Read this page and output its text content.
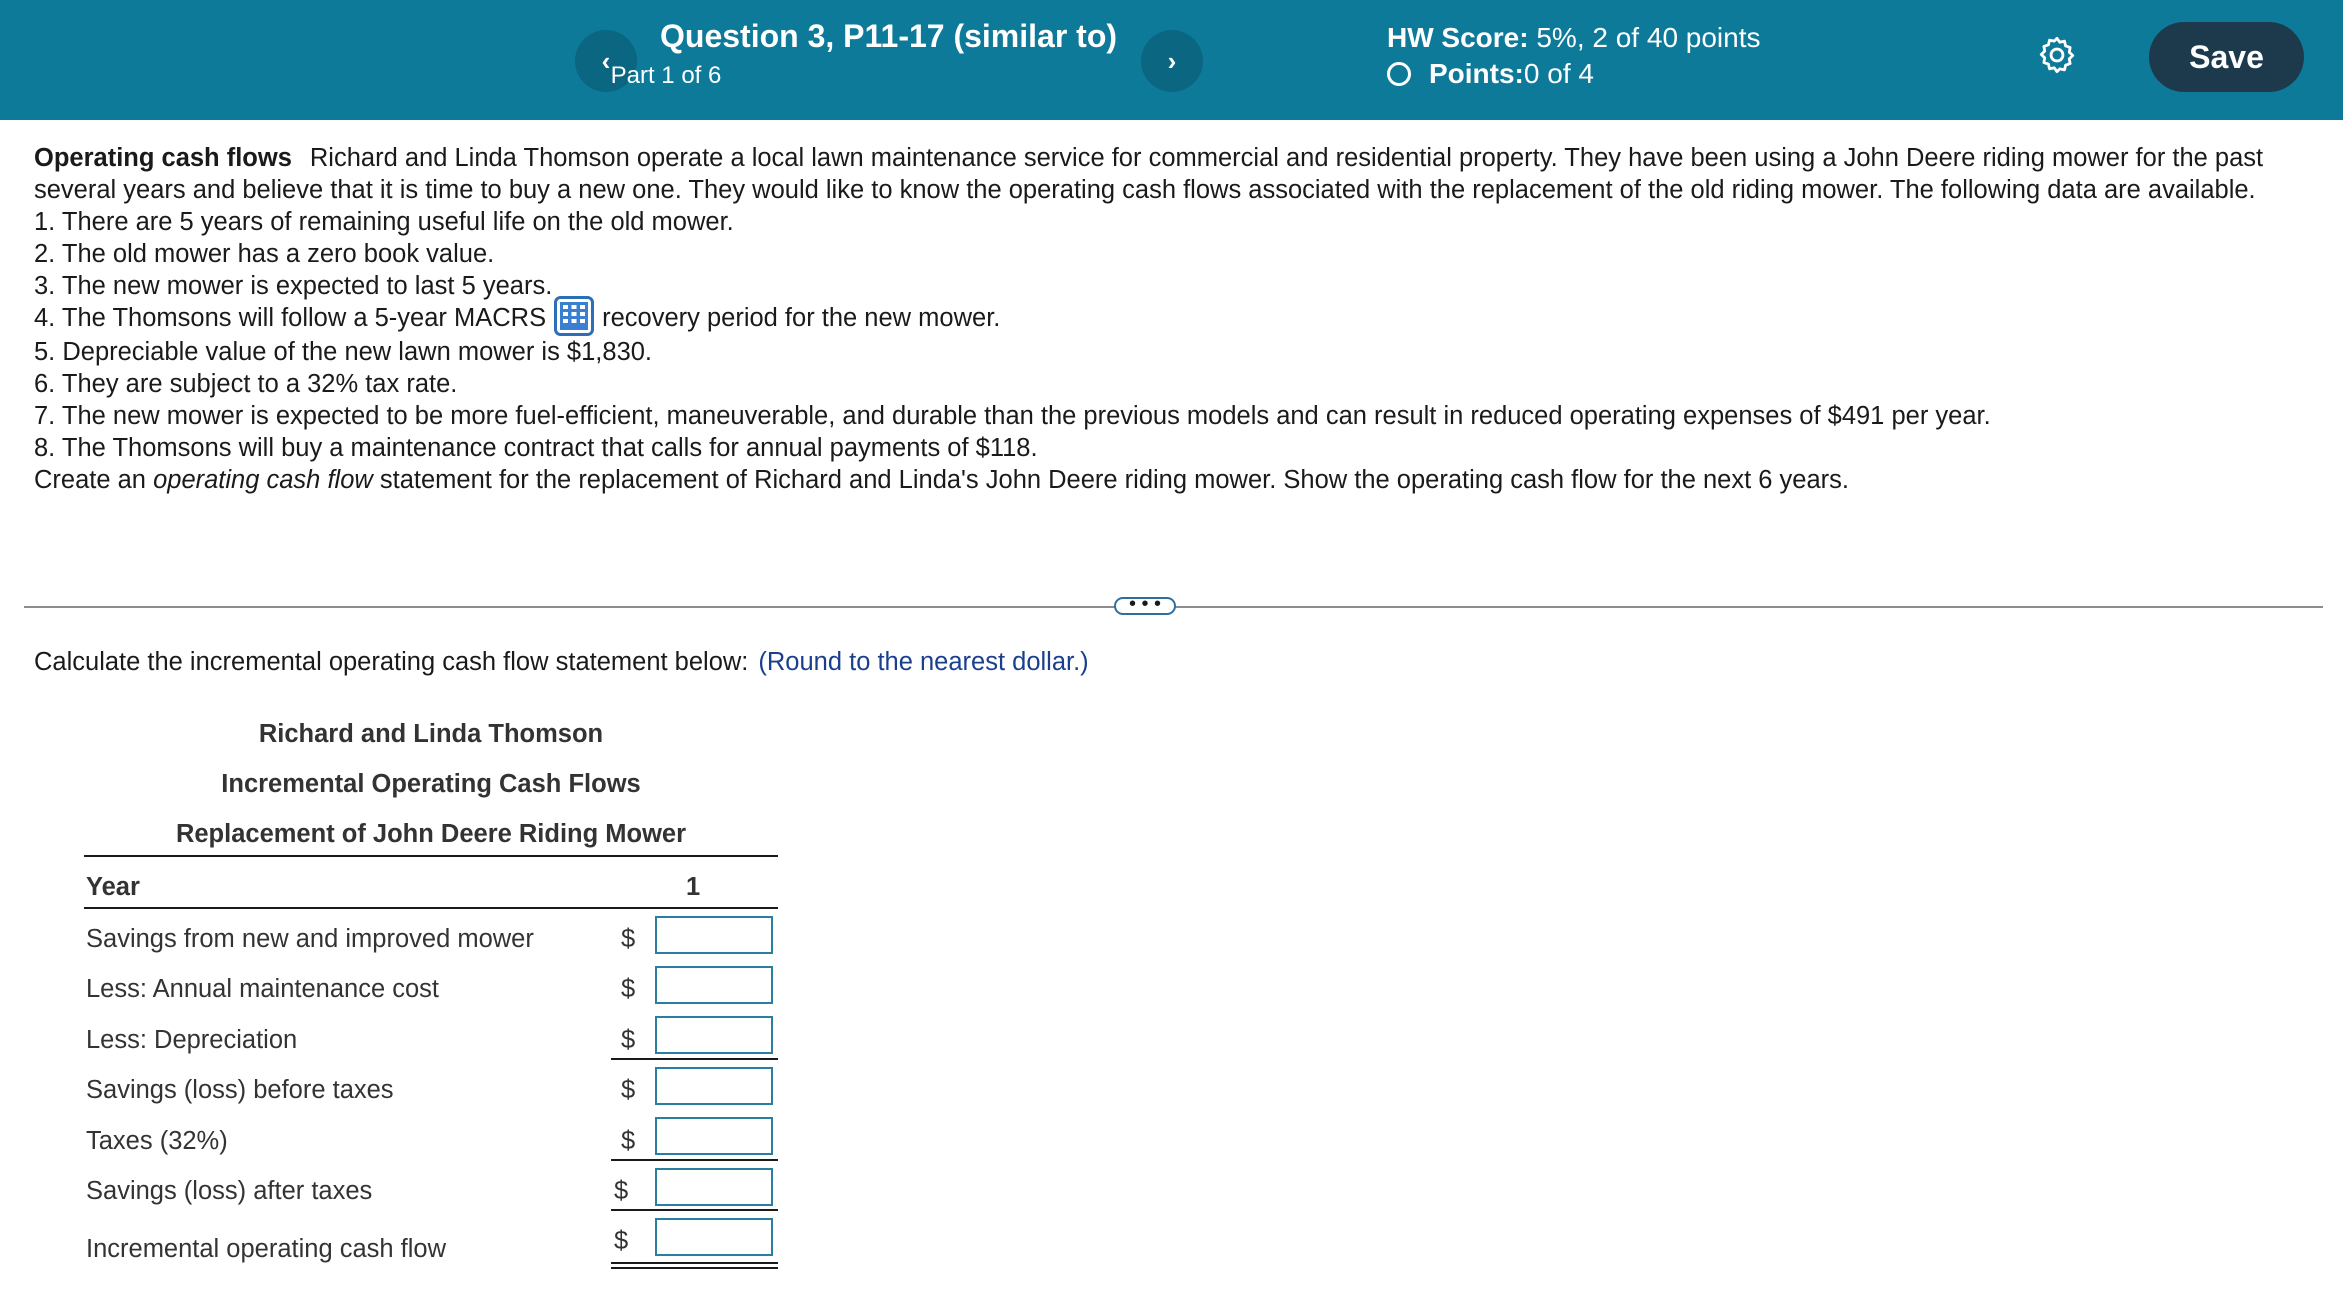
‹
Question 3, P11-17 (similar to)
Part 1 of 6	›
HW Score: 5%, 2 of 40 points
Points: 0 of 4	Save

Operating cash flows Richard and Linda Thomson operate a local lawn maintenance service for commercial and residential property. They have been using a John Deere riding mower for the past several years and believe that it is time to buy a new one. They would like to know the operating cash flows associated with the replacement of the old riding mower. The following data are available.

1. There are 5 years of remaining useful life on the old mower.

2. The old mower has a zero book value.

3. The new mower is expected to last 5 years.

4. The Thomsons will follow a 5-year MACRS recovery period for the new mower.

5. Depreciable value of the new lawn mower is $1,830.

6. They are subject to a 32% tax rate.

7. The new mower is expected to be more fuel-efficient, maneuverable, and durable than the previous models and can result in reduced operating expenses of $491 per year.

8. The Thomsons will buy a maintenance contract that calls for annual payments of $118.

Create an operating cash flow statement for the replacement of Richard and Linda's John Deere riding mower. Show the operating cash flow for the next 6 years.

• • •
Calculate the incremental operating cash flow statement below: (Round to the nearest dollar.)
Richard and Linda Thomson
Incremental Operating Cash Flows
Replacement of John Deere Riding Mower
Year	1
Savings from new and improved mower	$
Less: Annual maintenance cost	$
Less: Depreciation	$
Savings (loss) before taxes	$
Taxes (32%)	$
Savings (loss) after taxes	$
Incremental operating cash flow	$
